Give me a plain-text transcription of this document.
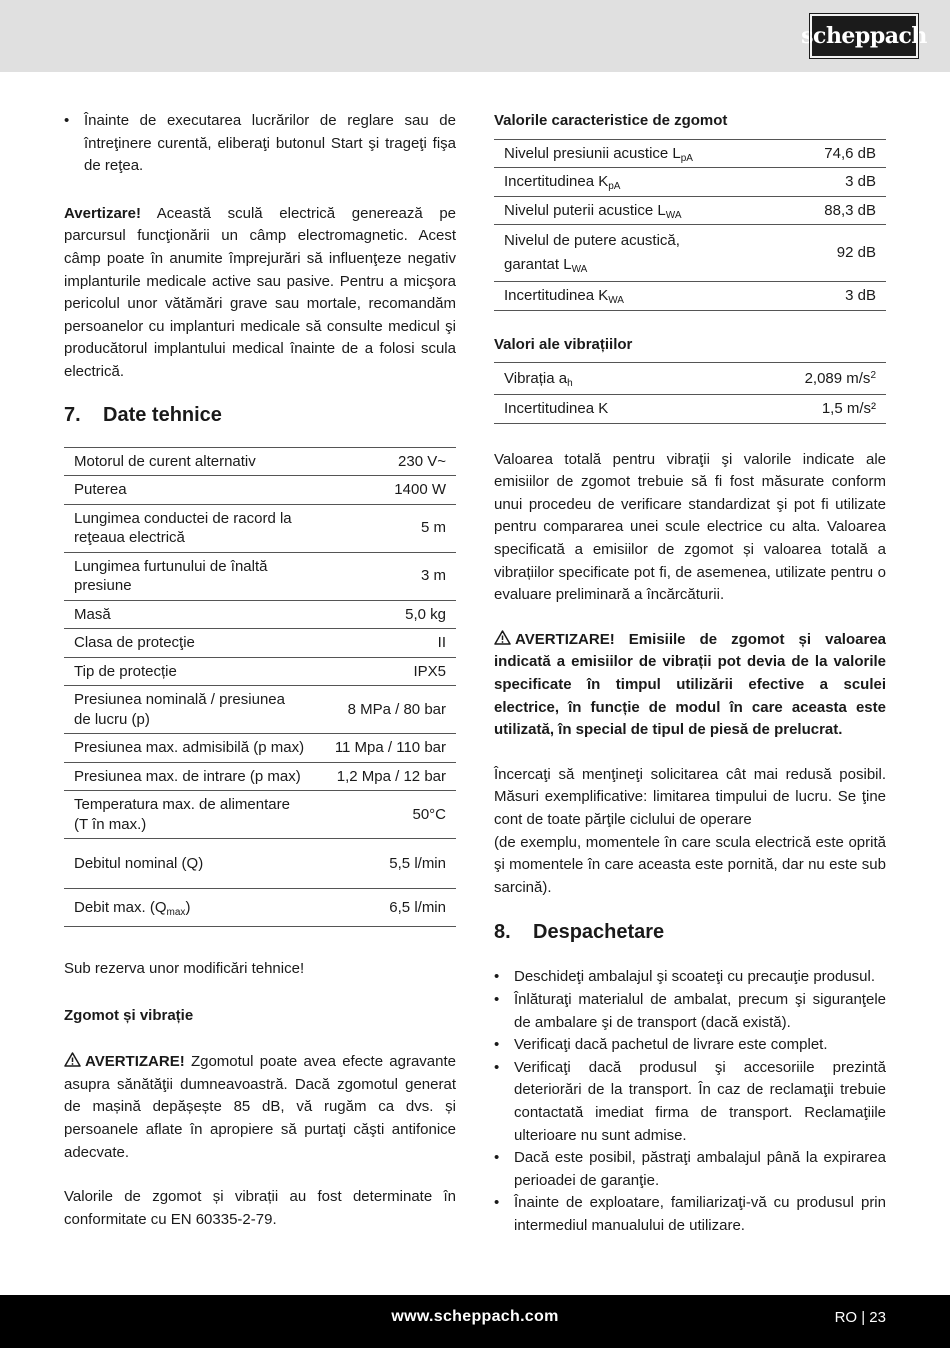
scheppach
• Înainte de executarea lucrărilor de reglare sau de întreţinere curentă, eliberaţi butonul Start şi trageţi fişa de reţea.

Avertizare! Această sculă electrică generează pe parcursul funcţionării un câmp electromagnetic. Acest câmp poate în anumite împrejurări să influenţeze negativ implanturile medicale active sau pasive. Pentru a micşora pericolul unor vătămări grave sau mortale, recomandăm persoanelor cu implanturi medicale să consulte medicul şi producătorul implantului medical înainte de a folosi scula electrică.

7.	Date tehnice
Motorul de curent alternativ	230 V~
Puterea	1400 W
Lungimea conductei de racord la reţeaua electrică	5 m
Lungimea furtunului de înaltă presiune	3 m
Masă	5,0 kg
Clasa de protecţie	II
Tip de protecție	IPX5
Presiunea nominală / presiunea de lucru (p)	8 MPa / 80 bar
Presiunea max. admisibilă (p max)	11 Mpa / 110 bar
Presiunea max. de intrare (p max)	1,2 Mpa / 12 bar
Temperatura max. de alimentare (T în max.)	50°C
Debitul nominal (Q)	5,5 l/min
Debit max. $(Q_{max})$	6,5 l/min

Sub rezerva unor modificări tehnice!

Zgomot și vibrație

AVERTIZARE! Zgomotul poate avea efecte agravante asupra sănătăţii dumneavoastră. Dacă zgomotul generat de mașină depășește 85 dB, vă rugăm ca dvs. și persoanele aflate în apropiere să purtaţi căşti antifonice adecvate.

Valorile de zgomot și vibrații au fost determinate în conformitate cu EN 60335-2-79.

Valorile caracteristice de zgomot

Nivelul presiunii acustice $L_{pA}$	74,6 dB
Incertitudinea $K_{pA}$	3 dB
Nivelul puterii acustice $L_{WA}$	88,3 dB
Nivelul de putere acustică, garantat $L_{WA}$	92 dB
Incertitudinea $K_{WA}$	3 dB

Valori ale vibrațiilor

Vibrația $a_h$	2,089 $m/s^2$
Incertitudinea K	1,5 m/s²

Valoarea totală pentru vibraţii şi valorile indicate ale emisiilor de zgomot trebuie să fi fost măsurate conform unui procedeu de verificare standardizat şi pot fi utilizate pentru compararea unei scule electrice cu alta. Valoarea specificată a emisiilor de zgomot și valoarea totală a vibrațiilor specificate pot fi, de asemenea, utilizate pentru o evaluare preliminară a încărcăturii.

AVERTIZARE! Emisiile de zgomot și valoarea indicată a emisiilor de vibrații pot devia de la valorile specificate în timpul utilizării efective a sculei electrice, în funcție de modul în care aceasta este utilizată, în special de tipul de piesă de prelucrat.

Încercaţi să menţineţi solicitarea cât mai redusă posibil. Măsuri exemplificative: limitarea timpului de lucru. Se ţine cont de toate părţile ciclului de operare

(de exemplu, momentele în care scula electrică este oprită şi momentele în care aceasta este pornită, dar nu este sub sarcină).

8.	Despachetare
• Deschideţi ambalajul şi scoateţi cu precauţie produsul.
• Înlăturaţi materialul de ambalat, precum şi siguranţele de ambalare şi de transport (dacă există).
• Verificaţi dacă pachetul de livrare este complet.
• Verificaţi dacă produsul şi accesoriile prezintă deteriorări de la transport. În caz de reclamaţii trebuie contactată imediat firma de transport. Reclamaţiile ulterioare nu sunt admise.
• Dacă este posibil, păstraţi ambalajul până la expirarea perioadei de garanţie.
• Înainte de exploatare, familiarizaţi-vă cu produsul prin intermediul manualului de utilizare.
www.scheppach.com	RO | 23
